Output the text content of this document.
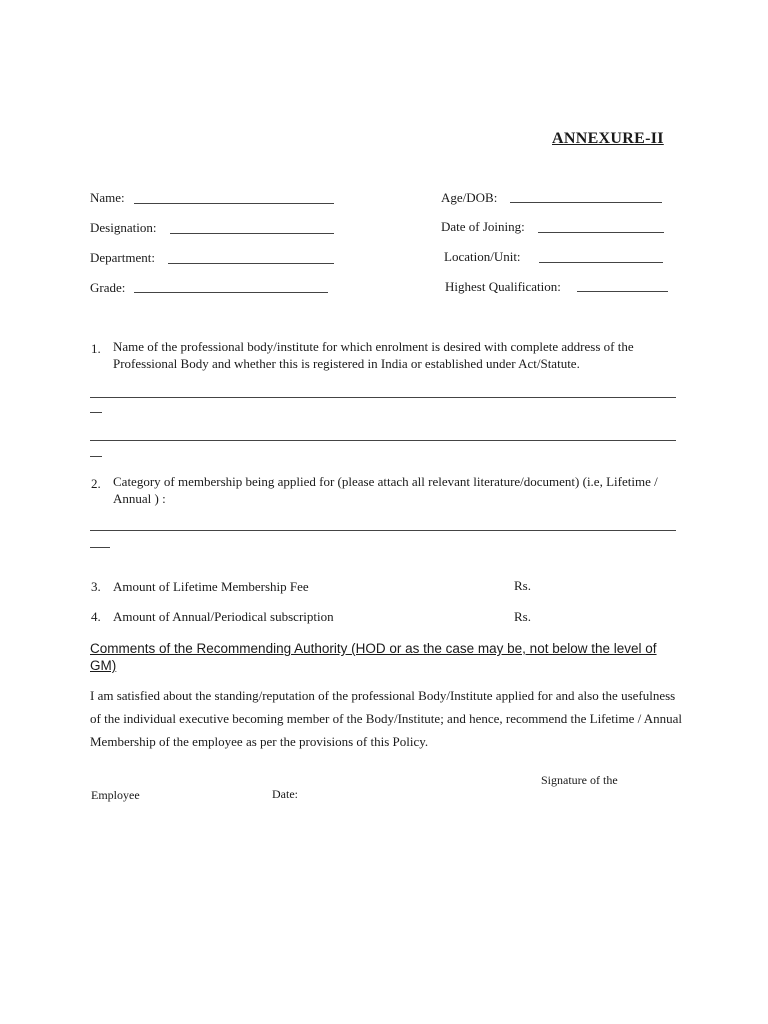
ANNEXURE-II
Name:	Age/DOB:
Designation:	Date of Joining:
Department:	Location/Unit:
Grade:	Highest Qualification:
1. Name of the professional body/institute for which enrolment is desired with complete address of the Professional Body and whether this is registered in India or established under Act/Statute.
2. Category of membership being applied for (please attach all relevant literature/document) (i.e, Lifetime / Annual ) :
3. Amount of Lifetime Membership Fee	Rs.
4. Amount of Annual/Periodical subscription	Rs.
Comments of the Recommending Authority (HOD or as the case may be, not below the level of GM)
I am satisfied about the standing/reputation of the professional Body/Institute applied for and also the usefulness of the individual executive becoming member of the Body/Institute; and hence, recommend the Lifetime / Annual Membership of the employee as per the provisions of this Policy.
Signature of the
Employee	Date:
